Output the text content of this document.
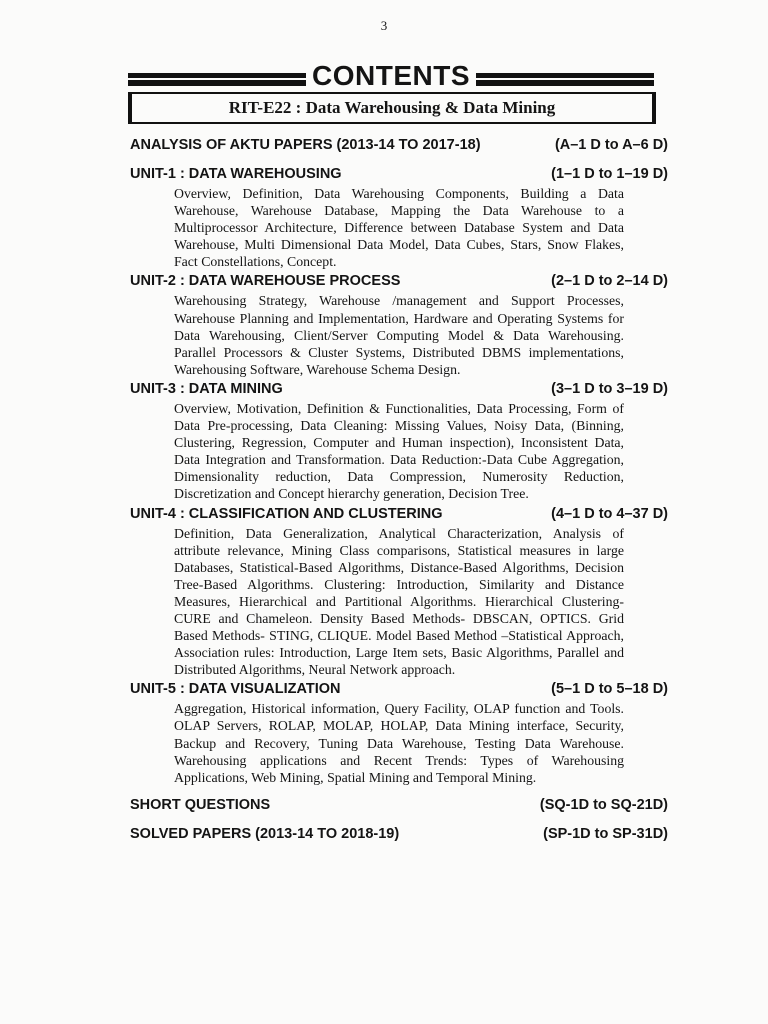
3
CONTENTS
RIT-E22 : Data Warehousing & Data Mining
ANALYSIS OF AKTU PAPERS (2013-14 TO 2017-18)	(A–1 D to A–6 D)
UNIT-1 : DATA WAREHOUSING	(1–1 D to 1–19 D)
Overview, Definition, Data Warehousing Components, Building a Data Warehouse, Warehouse Database, Mapping the Data Warehouse to a Multiprocessor Architecture, Difference between Database System and Data Warehouse, Multi Dimensional Data Model, Data Cubes, Stars, Snow Flakes, Fact Constellations, Concept.
UNIT-2 : DATA WAREHOUSE PROCESS	(2–1 D to 2–14 D)
Warehousing Strategy, Warehouse /management and Support Processes, Warehouse Planning and Implementation, Hardware and Operating Systems for Data Warehousing, Client/Server Computing Model & Data Warehousing. Parallel Processors & Cluster Systems, Distributed DBMS implementations, Warehousing Software, Warehouse Schema Design.
UNIT-3 : DATA MINING	(3–1 D to 3–19 D)
Overview, Motivation, Definition & Functionalities, Data Processing, Form of Data Pre-processing, Data Cleaning: Missing Values, Noisy Data, (Binning, Clustering, Regression, Computer and Human inspection), Inconsistent Data, Data Integration and Transformation. Data Reduction:-Data Cube Aggregation, Dimensionality reduction, Data Compression, Numerosity Reduction, Discretization and Concept hierarchy generation, Decision Tree.
UNIT-4 : CLASSIFICATION AND CLUSTERING	(4–1 D to 4–37 D)
Definition, Data Generalization, Analytical Characterization, Analysis of attribute relevance, Mining Class comparisons, Statistical measures in large Databases, Statistical-Based Algorithms, Distance-Based Algorithms, Decision Tree-Based Algorithms. Clustering: Introduction, Similarity and Distance Measures, Hierarchical and Partitional Algorithms. Hierarchical Clustering- CURE and Chameleon. Density Based Methods- DBSCAN, OPTICS. Grid Based Methods- STING, CLIQUE. Model Based Method –Statistical Approach, Association rules: Introduction, Large Item sets, Basic Algorithms, Parallel and Distributed Algorithms, Neural Network approach.
UNIT-5 : DATA VISUALIZATION	(5–1 D to 5–18 D)
Aggregation, Historical information, Query Facility, OLAP function and Tools. OLAP Servers, ROLAP, MOLAP, HOLAP, Data Mining interface, Security, Backup and Recovery, Tuning Data Warehouse, Testing Data Warehouse. Warehousing applications and Recent Trends: Types of Warehousing Applications, Web Mining, Spatial Mining and Temporal Mining.
SHORT QUESTIONS	(SQ-1D to SQ-21D)
SOLVED PAPERS (2013-14 TO 2018-19)	(SP-1D to SP-31D)
